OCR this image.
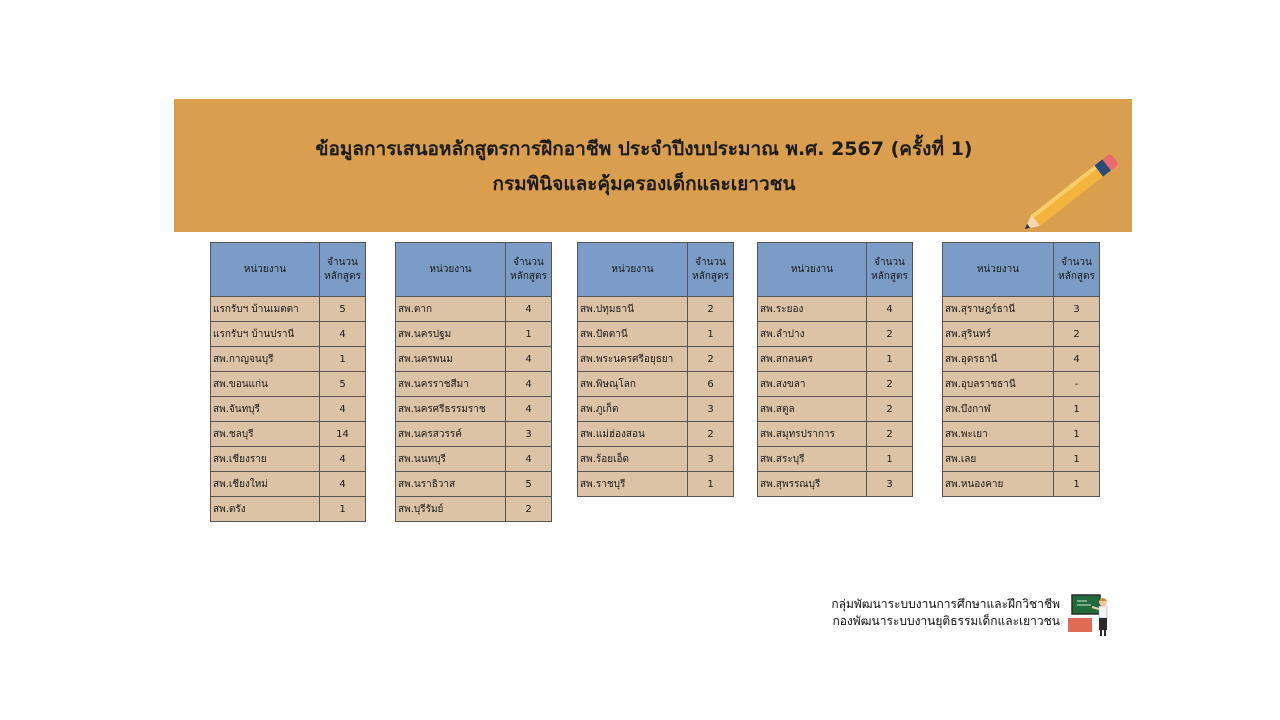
ข้อมูลการเสนอหลักสูตรการฝึกอาชีพ ประจำปีงบประมาณ พ.ศ. 2567 (ครั้งที่ 1)
กรมพินิจและคุ้มครองเด็กและเยาวชน
หน่วยงาน	จำนวน หลักสูตร
แรกรับฯ บ้านเมตตา	5
แรกรับฯ บ้านปรานี	4
สพ.กาญจนบุรี	1
สพ.ขอนแก่น	5
สพ.จันทบุรี	4
สพ.ชลบุรี	14
สพ.เชียงราย	4
สพ.เชียงใหม่	4
สพ.ตรัง	1
หน่วยงาน	จำนวน หลักสูตร
สพ.ตาก	4
สพ.นครปฐม	1
สพ.นครพนม	4
สพ.นครราชสีมา	4
สพ.นครศรีธรรมราช	4
สพ.นครสวรรค์	3
สพ.นนทบุรี	4
สพ.นราธิวาส	5
สพ.บุรีรัมย์	2
หน่วยงาน	จำนวน หลักสูตร
สพ.ปทุมธานี	2
สพ.ปัตตานี	1
สพ.พระนครศรีอยุธยา	2
สพ.พิษณุโลก	6
สพ.ภูเก็ต	3
สพ.แม่ฮ่องสอน	2
สพ.ร้อยเอ็ด	3
สพ.ราชบุรี	1
หน่วยงาน	จำนวน หลักสูตร
สพ.ระยอง	4
สพ.ลำปาง	2
สพ.สกลนคร	1
สพ.สงขลา	2
สพ.สตูล	2
สพ.สมุทรปราการ	2
สพ.สระบุรี	1
สพ.สุพรรณบุรี	3
หน่วยงาน	จำนวน หลักสูตร
สพ.สุราษฎร์ธานี	3
สพ.สุรินทร์	2
สพ.อุดรธานี	4
สพ.อุบลราชธานี	-
สพ.บึงกาฬ	1
สพ.พะเยา	1
สพ.เลย	1
สพ.หนองคาย	1
กลุ่มพัฒนาระบบงานการศึกษาและฝึกวิชาชีพ
กองพัฒนาระบบงานยุติธรรมเด็กและเยาวชน
